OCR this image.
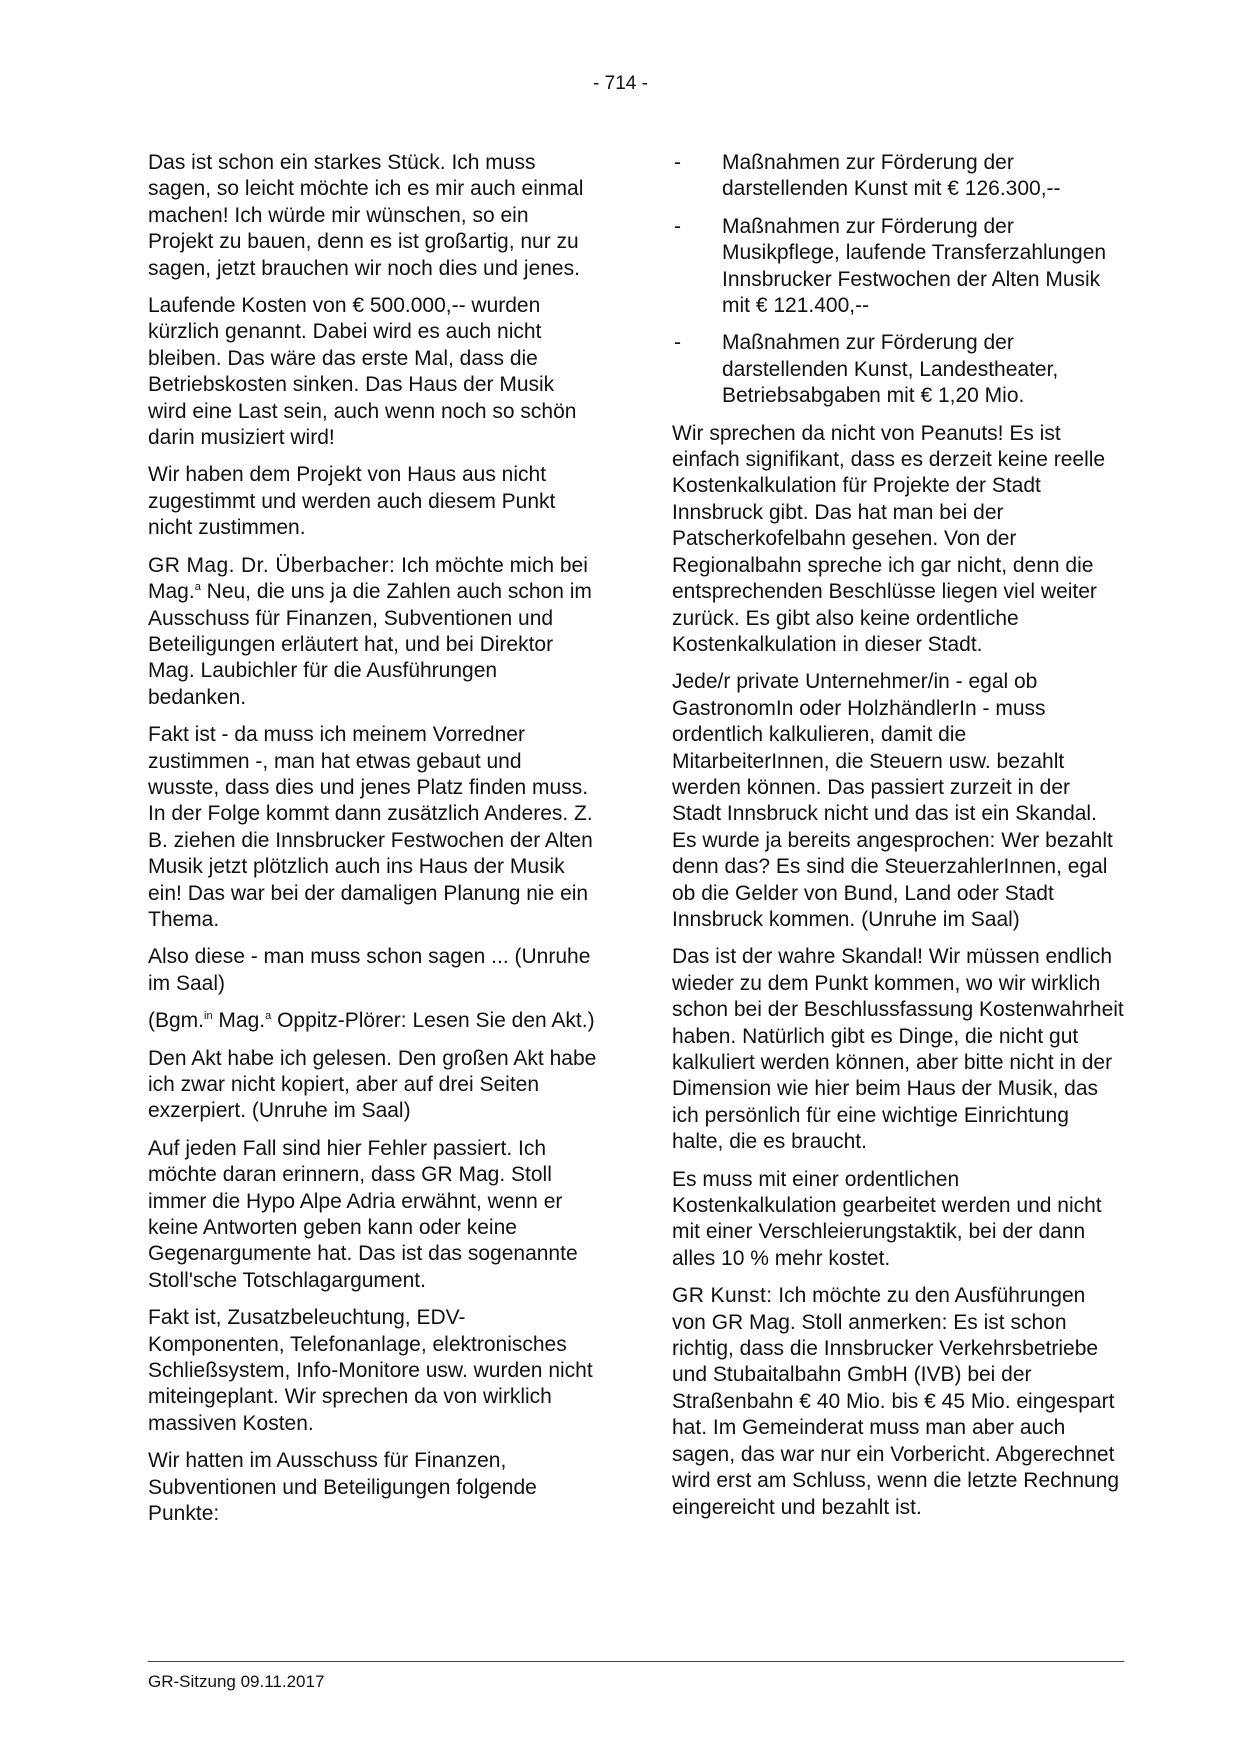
- 714 -

Das ist schon ein starkes Stück. Ich muss sagen, so leicht möchte ich es mir auch einmal machen! Ich würde mir wünschen, so ein Projekt zu bauen, denn es ist großartig, nur zu sagen, jetzt brauchen wir noch dies und jenes.

Laufende Kosten von € 500.000,-- wurden kürzlich genannt. Dabei wird es auch nicht bleiben. Das wäre das erste Mal, dass die Betriebskosten sinken. Das Haus der Musik wird eine Last sein, auch wenn noch so schön darin musiziert wird!

Wir haben dem Projekt von Haus aus nicht zugestimmt und werden auch diesem Punkt nicht zustimmen.

GR Mag. Dr. Überbacher: Ich möchte mich bei Mag.$^a$ Neu, die uns ja die Zahlen auch schon im Ausschuss für Finanzen, Subventionen und Beteiligungen erläutert hat, und bei Direktor Mag. Laubichler für die Ausführungen bedanken.

Fakt ist - da muss ich meinem Vorredner zustimmen -, man hat etwas gebaut und wusste, dass dies und jenes Platz finden muss. In der Folge kommt dann zusätzlich Anderes. Z. B. ziehen die Innsbrucker Festwochen der Alten Musik jetzt plötzlich auch ins Haus der Musik ein! Das war bei der damaligen Planung nie ein Thema.

Also diese - man muss schon sagen ... (Unruhe im Saal)

(Bgm.$^{in}$ Mag.$^a$ Oppitz-Plörer: Lesen Sie den Akt.)

Den Akt habe ich gelesen. Den großen Akt habe ich zwar nicht kopiert, aber auf drei Seiten exzerpiert. (Unruhe im Saal)

Auf jeden Fall sind hier Fehler passiert. Ich möchte daran erinnern, dass GR Mag. Stoll immer die Hypo Alpe Adria erwähnt, wenn er keine Antworten geben kann oder keine Gegenargumente hat. Das ist das sogenannte Stoll'sche Totschlagargument.

Fakt ist, Zusatzbeleuchtung, EDV-Komponenten, Telefonanlage, elektronisches Schließsystem, Info-Monitore usw. wurden nicht miteingeplant. Wir sprechen da von wirklich massiven Kosten.

Wir hatten im Ausschuss für Finanzen, Subventionen und Beteiligungen folgende Punkte:

-	Maßnahmen zur Förderung der darstellenden Kunst mit € 126.300,--
-	Maßnahmen zur Förderung der Musikpflege, laufende Transferzahlungen Innsbrucker Festwochen der Alten Musik mit € 121.400,--
-	Maßnahmen zur Förderung der darstellenden Kunst, Landestheater, Betriebsabgaben mit € 1,20 Mio.

Wir sprechen da nicht von Peanuts! Es ist einfach signifikant, dass es derzeit keine reelle Kostenkalkulation für Projekte der Stadt Innsbruck gibt. Das hat man bei der Patscherkofelbahn gesehen. Von der Regionalbahn spreche ich gar nicht, denn die entsprechenden Beschlüsse liegen viel weiter zurück. Es gibt also keine ordentliche Kostenkalkulation in dieser Stadt.

Jede/r private Unternehmer/in - egal ob GastronomIn oder HolzhändlerIn - muss ordentlich kalkulieren, damit die MitarbeiterInnen, die Steuern usw. bezahlt werden können. Das passiert zurzeit in der Stadt Innsbruck nicht und das ist ein Skandal. Es wurde ja bereits angesprochen: Wer bezahlt denn das? Es sind die SteuerzahlerInnen, egal ob die Gelder von Bund, Land oder Stadt Innsbruck kommen. (Unruhe im Saal)

Das ist der wahre Skandal! Wir müssen endlich wieder zu dem Punkt kommen, wo wir wirklich schon bei der Beschlussfassung Kostenwahrheit haben. Natürlich gibt es Dinge, die nicht gut kalkuliert werden können, aber bitte nicht in der Dimension wie hier beim Haus der Musik, das ich persönlich für eine wichtige Einrichtung halte, die es braucht.

Es muss mit einer ordentlichen Kostenkalkulation gearbeitet werden und nicht mit einer Verschleierungstaktik, bei der dann alles 10 % mehr kostet.

GR Kunst: Ich möchte zu den Ausführungen von GR Mag. Stoll anmerken: Es ist schon richtig, dass die Innsbrucker Verkehrsbetriebe und Stubaitalbahn GmbH (IVB) bei der Straßenbahn € 40 Mio. bis € 45 Mio. eingespart hat. Im Gemeinderat muss man aber auch sagen, das war nur ein Vorbericht. Abgerechnet wird erst am Schluss, wenn die letzte Rechnung eingereicht und bezahlt ist.

GR-Sitzung 09.11.2017
